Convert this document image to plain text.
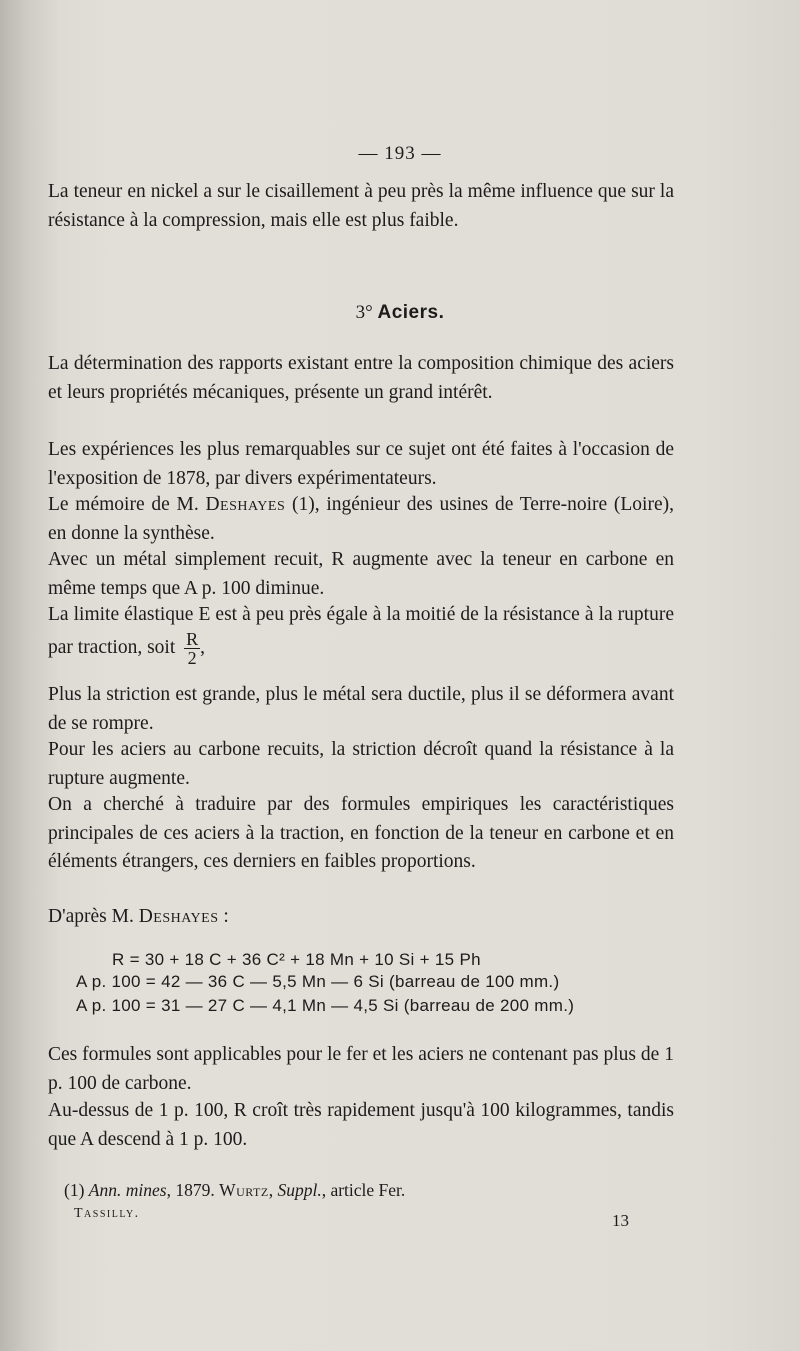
— 193 —
La teneur en nickel a sur le cisaillement à peu près la même influence que sur la résistance à la compression, mais elle est plus faible.
3° Aciers.
La détermination des rapports existant entre la composition chimique des aciers et leurs propriétés mécaniques, présente un grand intérêt.
Les expériences les plus remarquables sur ce sujet ont été faites à l'occasion de l'exposition de 1878, par divers expérimentateurs.
Le mémoire de M. Deshayes (1), ingénieur des usines de Terre-noire (Loire), en donne la synthèse.
Avec un métal simplement recuit, R augmente avec la teneur en carbone en même temps que A p. 100 diminue.
La limite élastique E est à peu près égale à la moitié de la résistance à la rupture par traction, soit $\frac{R}{2}$ ,
Plus la striction est grande, plus le métal sera ductile, plus il se déformera avant de se rompre.
Pour les aciers au carbone recuits, la striction décroît quand la résistance à la rupture augmente.
On a cherché à traduire par des formules empiriques les caractéristiques principales de ces aciers à la traction, en fonction de la teneur en carbone et en éléments étrangers, ces derniers en faibles proportions.
D'après M. Deshayes :
R = 30 + 18 C + 36 C² + 18 Mn + 10 Si + 15 Ph
A p. 100 = 42 — 36 C — 5,5 Mn — 6 Si (barreau de 100 mm.)
A p. 100 = 31 — 27 C — 4,1 Mn — 4,5 Si (barreau de 200 mm.)
Ces formules sont applicables pour le fer et les aciers ne contenant pas plus de 1 p. 100 de carbone.
Au-dessus de 1 p. 100, R croît très rapidement jusqu'à 100 kilogrammes, tandis que A descend à 1 p. 100.
(1) Ann. mines, 1879. Wurtz, Suppl., article Fer.
Tassilly.	13
